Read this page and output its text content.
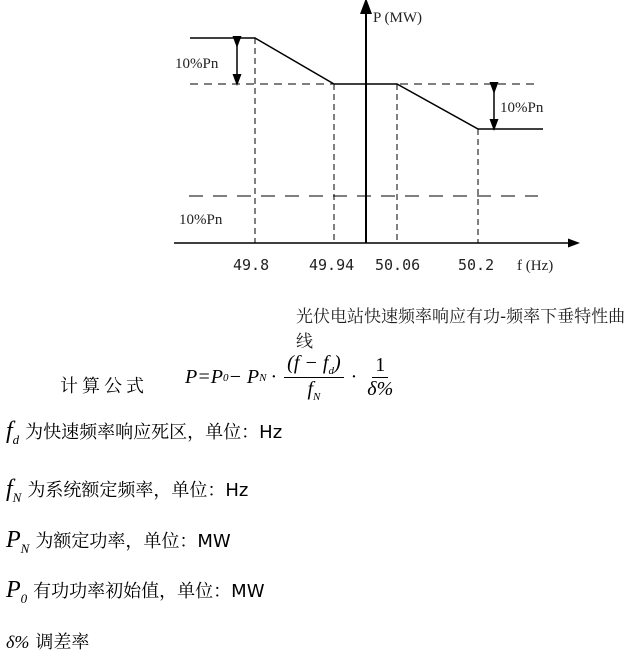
P (MW)
10%Pn
10%Pn
10%Pn
49.8	49.94 50.06	50.2 f (Hz)
光伏电站快速频率响应有功-频率下垂特性曲线
计算公式 P=P 0 − P $N \cdot \frac{(f - f_d)}{f_N} \cdot \frac{1}{\delta\%}$
$f_d$ 为快速频率响应死区，单位：Hz
$f_N$ 为系统额定频率，单位：Hz
$P_N$ 为额定功率，单位：MW
$P_0$ 有功功率初始值，单位：MW
δ% 调差率
